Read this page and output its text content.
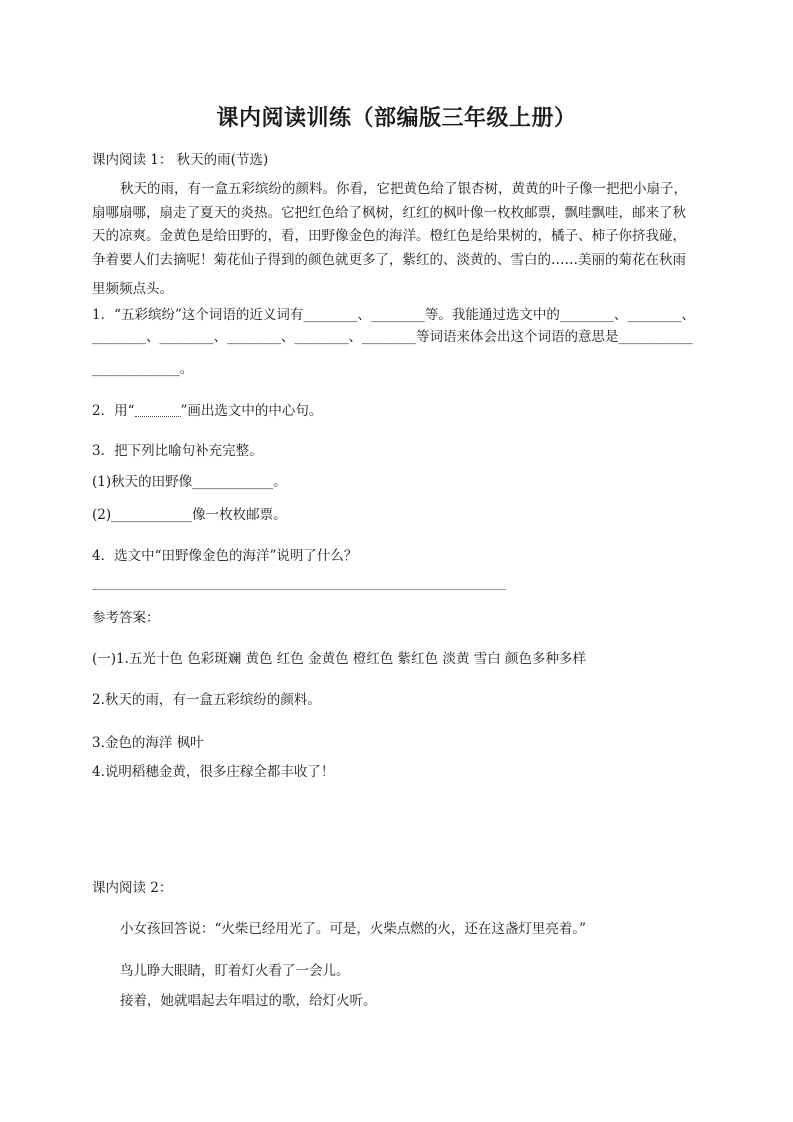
课内阅读训练（部编版三年级上册）
课内阅读 1： 秋天的雨(节选)
秋天的雨，有一盒五彩缤纷的颜料。你看，它把黄色给了银杏树，黄黄的叶子像一把把小扇子，
扇哪扇哪，扇走了夏天的炎热。它把红色给了枫树，红红的枫叶像一枚枚邮票，飘哇飘哇，邮来了秋
天的凉爽。金黄色是给田野的，看，田野像金色的海洋。橙红色是给果树的，橘子、柿子你挤我碰，
争着要人们去摘呢！菊花仙子得到的颜色就更多了，紫红的、淡黄的、雪白的……美丽的菊花在秋雨
里频频点头。
1．“五彩缤纷”这个词语的近义词有________、________等。我能通过选文中的________、________、
________、________、________、________、________等词语来体会出这个词语的意思是___________
_____________。
2．用“	”画出选文中的中心句。
3．把下列比喻句补充完整。
(1)秋天的田野像____________。
(2)____________像一枚枚邮票。
4．选文中“田野像金色的海洋”说明了什么？
参考答案：
(一)1.五光十色 色彩斑斓 黄色 红色 金黄色 橙红色 紫红色 淡黄 雪白 颜色多种多样
2.秋天的雨，有一盒五彩缤纷的颜料。
3.金色的海洋 枫叶
4.说明稻穗金黄，很多庄稼全都丰收了！
课内阅读 2：
小女孩回答说：“火柴已经用光了。可是，火柴点燃的火，还在这盏灯里亮着。”
鸟儿睁大眼睛，盯着灯火看了一会儿。
接着，她就唱起去年唱过的歌，给灯火听。
